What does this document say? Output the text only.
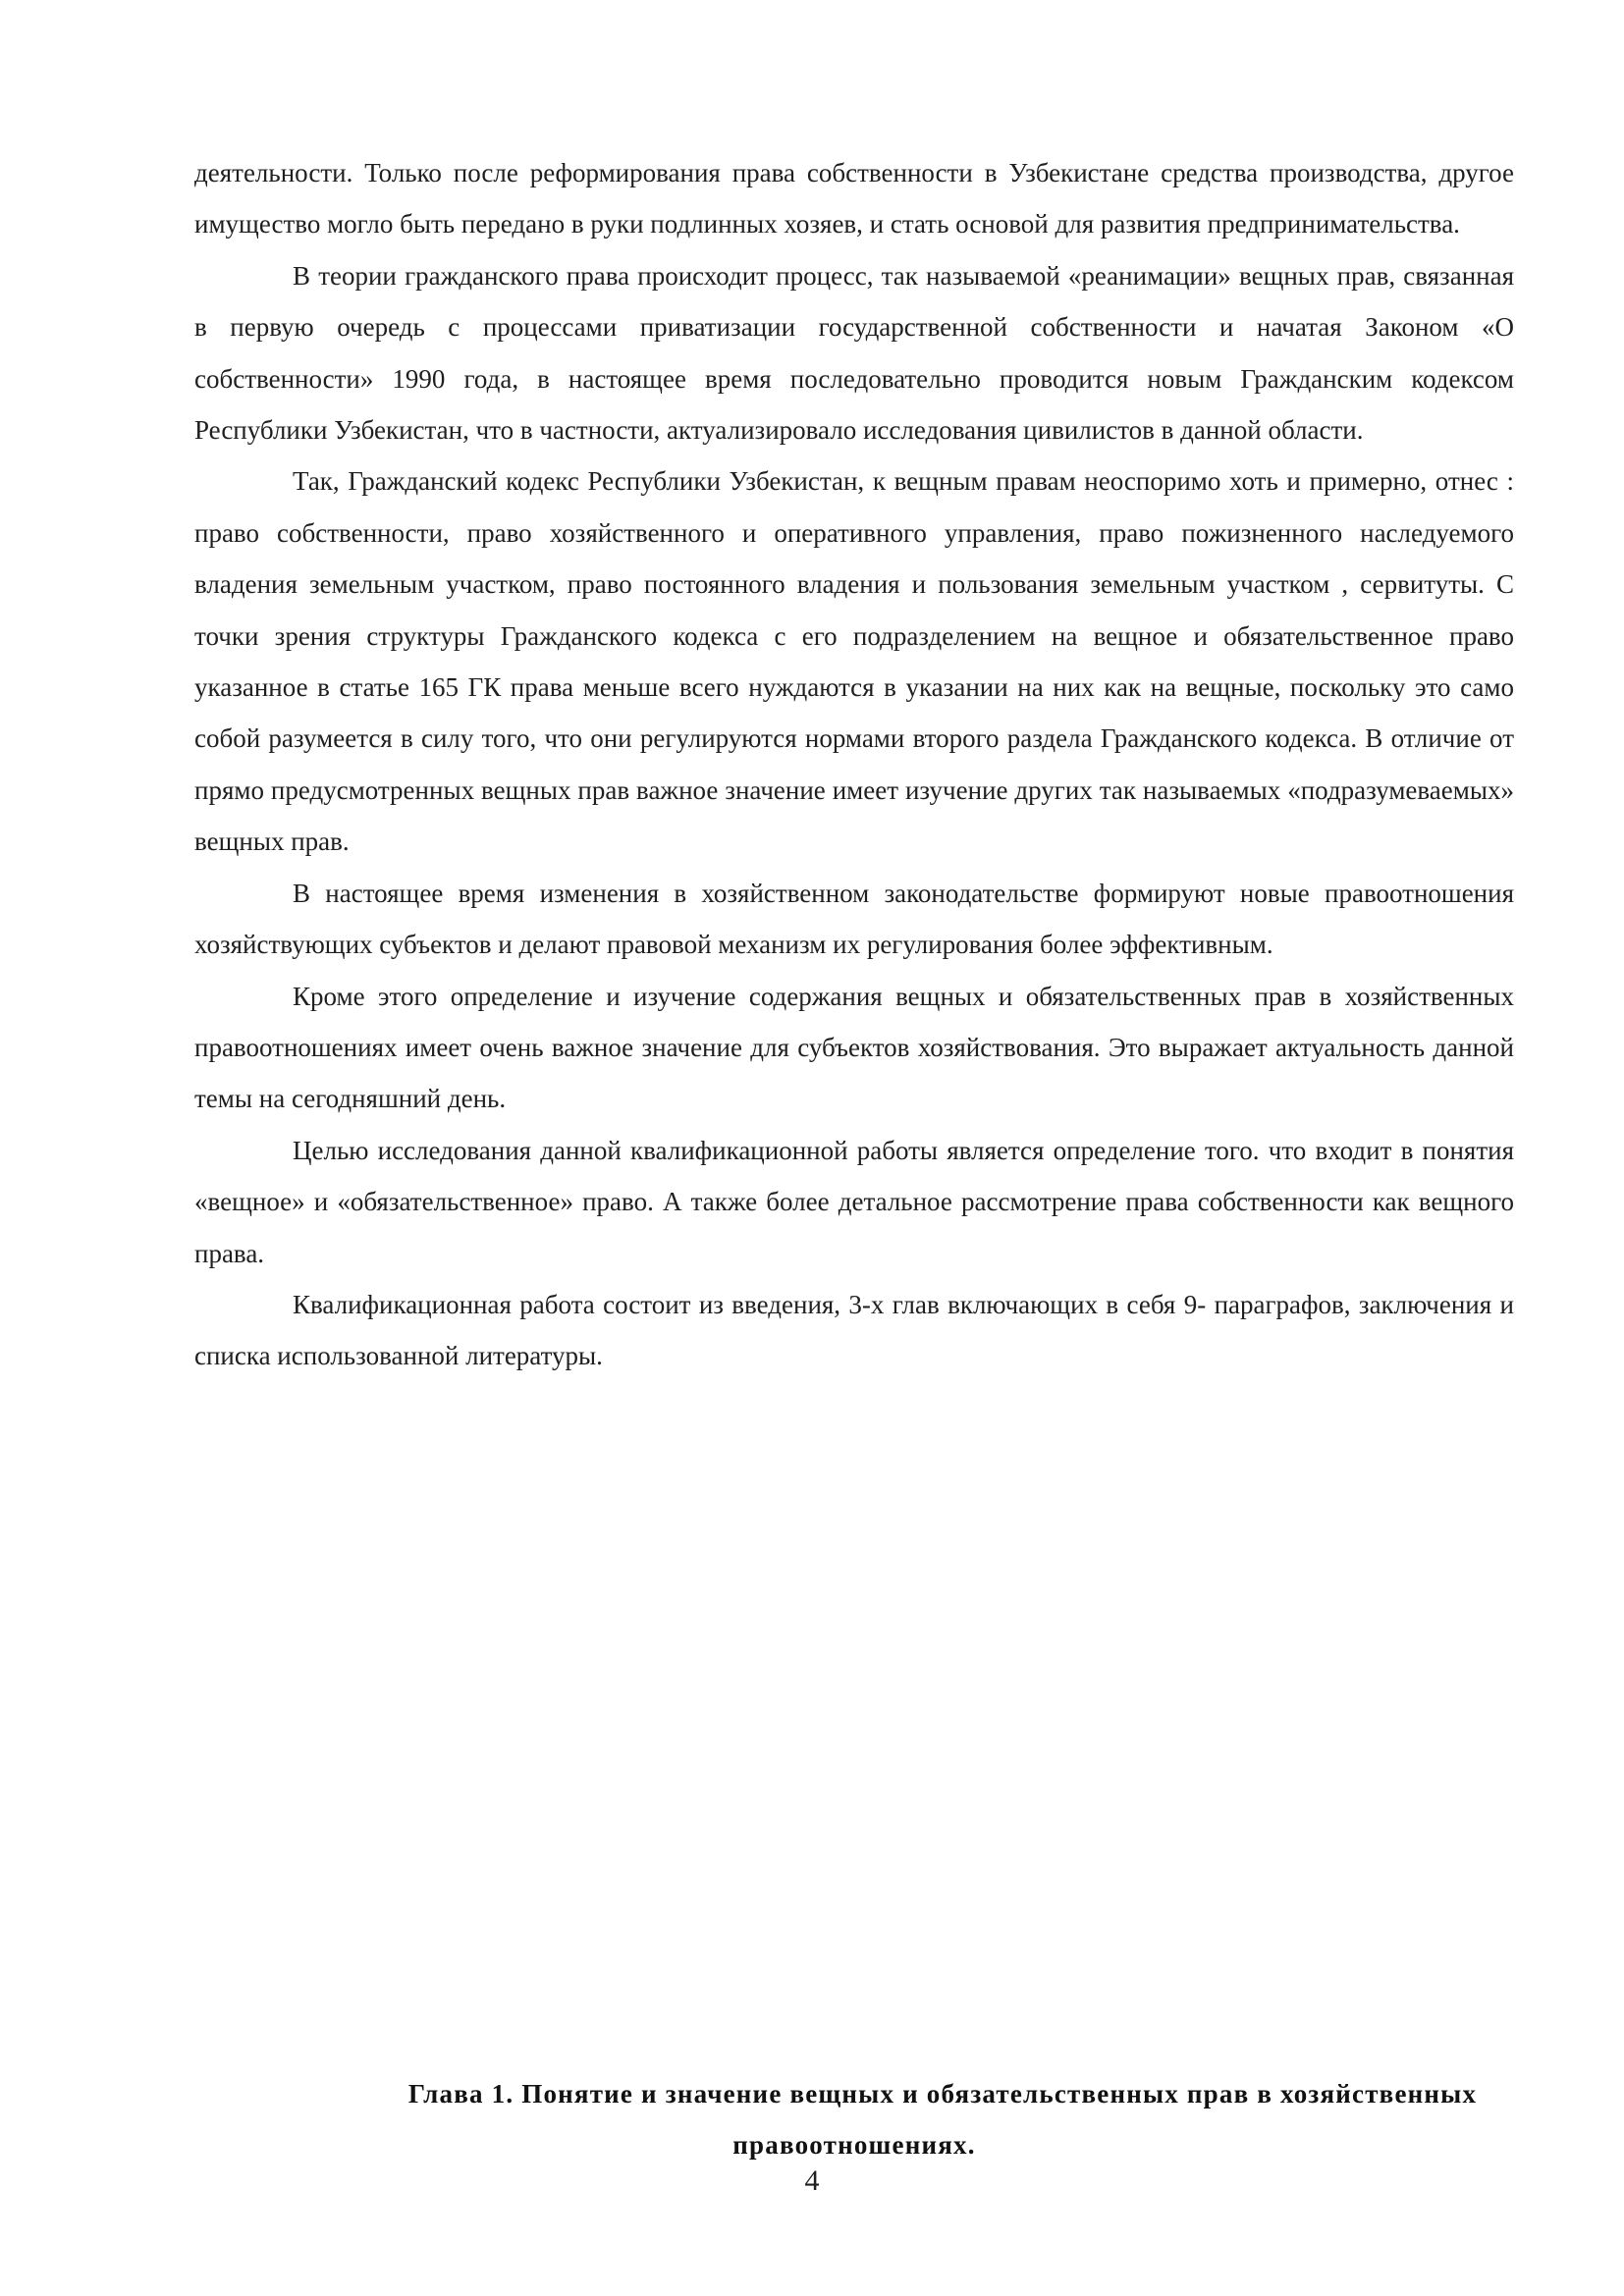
деятельности. Только после реформирования права собственности в Узбекистане средства производства, другое имущество могло быть передано в руки подлинных хозяев, и стать основой для развития предпринимательства.

В теории гражданского права происходит процесс, так называемой «реанимации» вещных прав, связанная в первую очередь с процессами приватизации государственной собственности и начатая Законом «О собственности» 1990 года, в настоящее время последовательно проводится новым Гражданским кодексом Республики Узбекистан, что в частности, актуализировало исследования цивилистов в данной области.

Так, Гражданский кодекс Республики Узбекистан, к вещным правам неоспоримо хоть и примерно, отнес : право собственности, право хозяйственного и оперативного управления, право пожизненного наследуемого владения земельным участком, право постоянного владения и пользования земельным участком , сервитуты. С точки зрения структуры Гражданского кодекса с его подразделением на вещное и обязательственное право указанное в статье 165 ГК права меньше всего нуждаются в указании на них как на вещные, поскольку это само собой разумеется в силу того, что они регулируются нормами второго раздела Гражданского кодекса. В отличие от прямо предусмотренных вещных прав важное значение имеет изучение других так называемых «подразумеваемых» вещных прав.

В настоящее время изменения в хозяйственном законодательстве формируют новые правоотношения хозяйствующих субъектов и делают правовой механизм их регулирования более эффективным.

Кроме этого определение и изучение содержания вещных и обязательственных прав в хозяйственных правоотношениях имеет очень важное значение для субъектов хозяйствования. Это выражает актуальность данной темы на сегодняшний день.

Целью исследования данной квалификационной работы является определение того. что входит в понятия «вещное» и «обязательственное» право. А также более детальное рассмотрение права собственности как вещного права.

Квалификационная работа состоит из введения, 3-х глав включающих в себя 9- параграфов, заключения и списка использованной литературы.

Глава 1. Понятие и значение вещных и обязательственных прав в хозяйственных
правоотношениях.
4
